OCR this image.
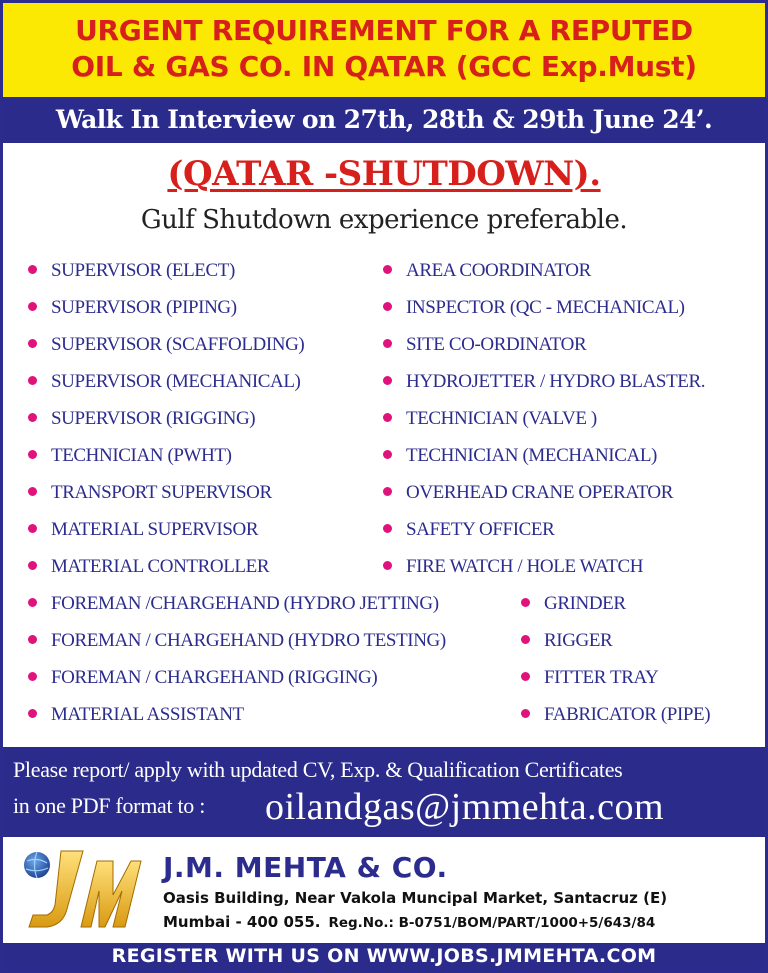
URGENT REQUIREMENT FOR A REPUTED
OIL & GAS CO. IN QATAR (GCC Exp.Must)
Walk In Interview on 27th, 28th & 29th June 24’.
(QATAR -SHUTDOWN).
Gulf Shutdown experience preferable.
SUPERVISOR (ELECT)
SUPERVISOR (PIPING)
SUPERVISOR (SCAFFOLDING)
SUPERVISOR (MECHANICAL)
SUPERVISOR (RIGGING)
TECHNICIAN (PWHT)
TRANSPORT SUPERVISOR
MATERIAL SUPERVISOR
MATERIAL CONTROLLER
FOREMAN /CHARGEHAND (HYDRO JETTING)
FOREMAN / CHARGEHAND (HYDRO TESTING)
FOREMAN / CHARGEHAND (RIGGING)
MATERIAL ASSISTANT
AREA COORDINATOR
INSPECTOR (QC - MECHANICAL)
SITE CO-ORDINATOR
HYDROJETTER / HYDRO BLASTER.
TECHNICIAN (VALVE )
TECHNICIAN (MECHANICAL)
OVERHEAD CRANE OPERATOR
SAFETY OFFICER
FIRE WATCH / HOLE WATCH
GRINDER
RIGGER
FITTER TRAY
FABRICATOR (PIPE)
Please report/ apply with updated CV, Exp. & Qualification Certificates
in one PDF format to : oilandgas@jmmehta.com
J.M. MEHTA & CO.
Oasis Building, Near Vakola Muncipal Market, Santacruz (E)
Mumbai - 400 055. Reg.No.: B-0751/BOM/PART/1000+5/643/84
REGISTER WITH US ON WWW.JOBS.JMMEHTA.COM
